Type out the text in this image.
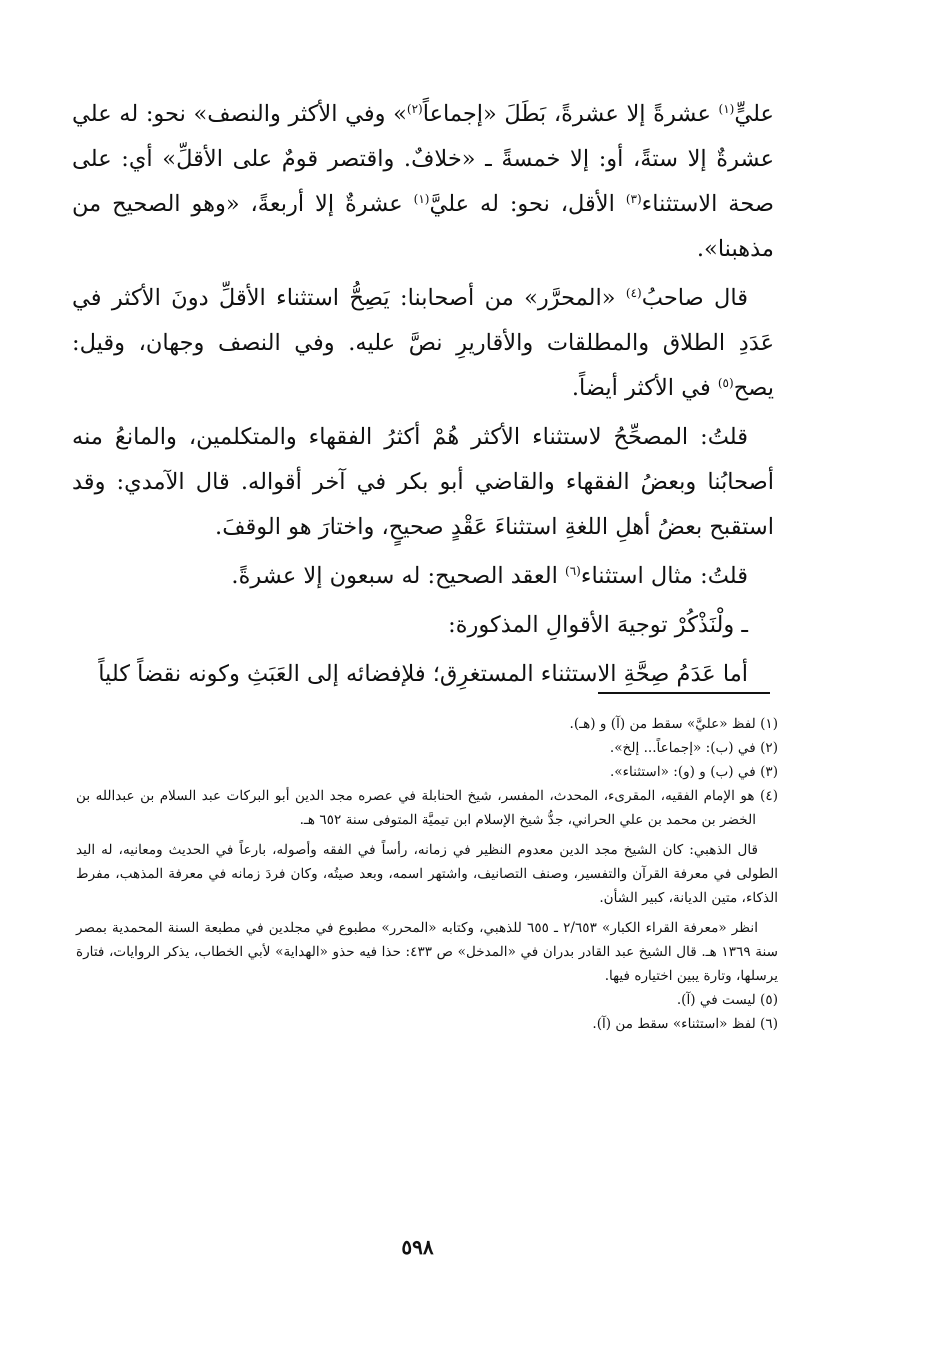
عليٍّ$^{(١)}$ عشرةً إلا عشرةً، بَطَلَ «إجماعاً$^{(٢)}$» وفي الأكثر والنصف» نحو: له علي عشرةٌ إلا ستةً، أو: إلا خمسةً ـ «خلافٌ. واقتصر قومٌ على الأقلِّ» أي: على صحة الاستثناء$^{(٣)}$ الأقل، نحو: له عليَّ$^{(١)}$ عشرةٌ إلا أربعةً، «وهو الصحيح من مذهبنا».

قال صاحبُ$^{(٤)}$ «المحرَّر» من أصحابنا: يَصِحُّ استثناء الأقلِّ دونَ الأكثر في عَدَدِ الطلاق والمطلقات والأقاريرِ نصَّ عليه. وفي النصف وجهان، وقيل: يصح$^{(٥)}$ في الأكثر أيضاً.

قلتُ: المصحِّحُ لاستثناء الأكثر هُمْ أكثرُ الفقهاء والمتكلمين، والمانعُ منه أصحابُنا وبعضُ الفقهاء والقاضي أبو بكر في آخر أقواله. قال الآمدي: وقد استقبح بعضُ أهلِ اللغةِ استثناءَ عَقْدٍ صحيحٍ، واختارَ هو الوقفَ.

قلتُ: مثال استثناء$^{(٦)}$ العقد الصحيح: له سبعون إلا عشرةً.

ـ ولْنَذْكُرْ توجيهَ الأقوالِ المذكورة:

أما عَدَمُ صِحَّةِ الاستثناء المستغرِق؛ فلإفضائه إلى العَبَثِ وكونه نقضاً كلياً

(١) لفظ «عليَّ» سقط من (آ) و (هـ).

(٢) في (ب): «إجماعاً... إلخ».

(٣) في (ب) و (و): «استثناء».

(٤) هو الإمام الفقيه، المقرىء، المحدث، المفسر، شيخ الحنابلة في عصره مجد الدين أبو البركات عبد السلام بن عبدالله بن الخضر بن محمد بن علي الحراني، جدُّ شيخ الإسلام ابن تيميَّة المتوفى سنة ٦٥٢ هـ.

قال الذهبي: كان الشيخ مجد الدين معدوم النظير في زمانه، رأساً في الفقه وأصوله، بارعاً في الحديث ومعانيه، له اليد الطولى في معرفة القرآن والتفسير، وصنف التصانيف، واشتهر اسمه، وبعد صيتُه، وكان فردَ زمانه في معرفة المذهب، مفرط الذكاء، متين الديانة، كبير الشأن.

انظر «معرفة القراء الكبار» ٢/٦٥٣ ـ ٦٥٥ للذهبي، وكتابه «المحرر» مطبوع في مجلدين في مطبعة السنة المحمدية بمصر سنة ١٣٦٩ هـ. قال الشيخ عبد القادر بدران في «المدخل» ص ٤٣٣: حذا فيه حذو «الهداية» لأبي الخطاب، يذكر الروايات، فتارة يرسلها، وتارة يبين اختياره فيها.

(٥) ليست في (آ).

(٦) لفظ «استثناء» سقط من (آ).

٥٩٨
